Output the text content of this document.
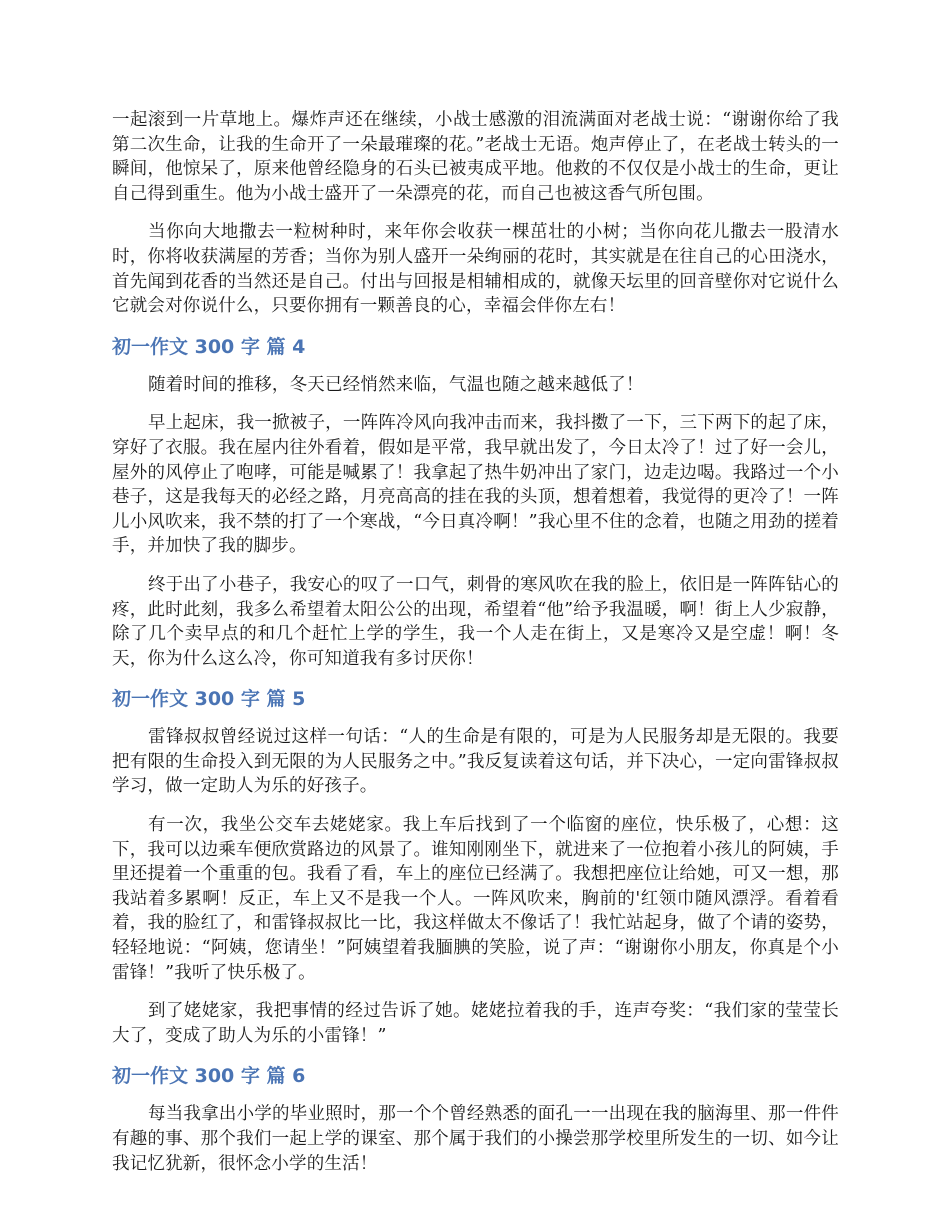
一起滚到一片草地上。爆炸声还在继续，小战士感激的泪流满面对老战士说：“谢谢你给了我第二次生命，让我的生命开了一朵最璀璨的花。”老战士无语。炮声停止了，在老战士转头的一瞬间，他惊呆了，原来他曾经隐身的石头已被夷成平地。他救的不仅仅是小战士的生命，更让自己得到重生。他为小战士盛开了一朵漂亮的花，而自己也被这香气所包围。

当你向大地撒去一粒树种时，来年你会收获一棵茁壮的小树；当你向花儿撒去一股清水时，你将收获满屋的芳香；当你为别人盛开一朵绚丽的花时，其实就是在往自己的心田浇水，首先闻到花香的当然还是自己。付出与回报是相辅相成的，就像天坛里的回音壁你对它说什么它就会对你说什么，只要你拥有一颗善良的心，幸福会伴你左右！

初一作文 300 字 篇 4

随着时间的推移，冬天已经悄然来临，气温也随之越来越低了！

早上起床，我一掀被子，一阵阵冷风向我冲击而来，我抖擞了一下，三下两下的起了床，穿好了衣服。我在屋内往外看着，假如是平常，我早就出发了，今日太冷了！过了好一会儿，屋外的风停止了咆哮，可能是喊累了！我拿起了热牛奶冲出了家门，边走边喝。我路过一个小巷子，这是我每天的必经之路，月亮高高的挂在我的头顶，想着想着，我觉得的更冷了！一阵儿小风吹来，我不禁的打了一个寒战，“今日真冷啊！”我心里不住的念着，也随之用劲的搓着手，并加快了我的脚步。

终于出了小巷子，我安心的叹了一口气，刺骨的寒风吹在我的脸上，依旧是一阵阵钻心的疼，此时此刻，我多么希望着太阳公公的出现，希望着“他”给予我温暖，啊！街上人少寂静，除了几个卖早点的和几个赶忙上学的学生，我一个人走在街上，又是寒冷又是空虚！啊！冬天，你为什么这么冷，你可知道我有多讨厌你！

初一作文 300 字 篇 5

雷锋叔叔曾经说过这样一句话：“人的生命是有限的，可是为人民服务却是无限的。我要把有限的生命投入到无限的为人民服务之中。”我反复读着这句话，并下决心，一定向雷锋叔叔学习，做一定助人为乐的好孩子。

有一次，我坐公交车去姥姥家。我上车后找到了一个临窗的座位，快乐极了，心想：这下，我可以边乘车便欣赏路边的风景了。谁知刚刚坐下，就进来了一位抱着小孩儿的阿姨，手里还提着一个重重的包。我看了看，车上的座位已经满了。我想把座位让给她，可又一想，那我站着多累啊！反正，车上又不是我一个人。一阵风吹来，胸前的'红领巾随风漂浮。看着看着，我的脸红了，和雷锋叔叔比一比，我这样做太不像话了！我忙站起身，做了个请的姿势，轻轻地说：“阿姨，您请坐！”阿姨望着我腼腆的笑脸，说了声：“谢谢你小朋友，你真是个小雷锋！”我听了快乐极了。

到了姥姥家，我把事情的经过告诉了她。姥姥拉着我的手，连声夸奖：“我们家的莹莹长大了，变成了助人为乐的小雷锋！”

初一作文 300 字 篇 6

每当我拿出小学的毕业照时，那一个个曾经熟悉的面孔一一出现在我的脑海里、那一件件有趣的事、那个我们一起上学的课室、那个属于我们的小操尝那学校里所发生的一切、如今让我记忆犹新，很怀念小学的生活！
